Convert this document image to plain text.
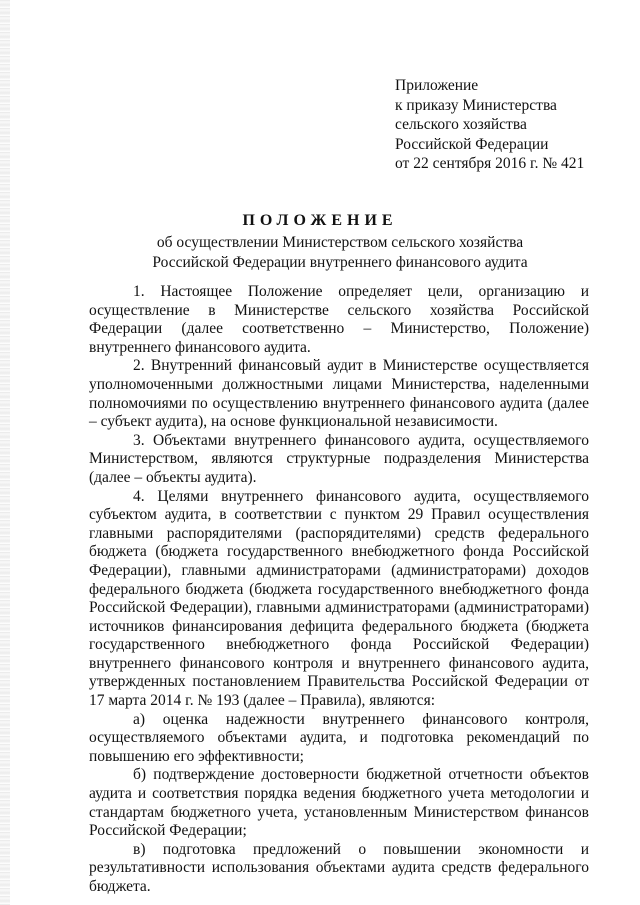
Приложение
к приказу Министерства
сельского хозяйства
Российской Федерации
от 22 сентября 2016 г. № 421
ПОЛОЖЕНИЕ
об осуществлении Министерством сельского хозяйства Российской Федерации внутреннего финансового аудита

1. Настоящее Положение определяет цели, организацию и осуществление в Министерстве сельского хозяйства Российской Федерации (далее соответственно – Министерство, Положение) внутреннего финансового аудита.

2. Внутренний финансовый аудит в Министерстве осуществляется уполномоченными должностными лицами Министерства, наделенными полномочиями по осуществлению внутреннего финансового аудита (далее – субъект аудита), на основе функциональной независимости.

3. Объектами внутреннего финансового аудита, осуществляемого Министерством, являются структурные подразделения Министерства (далее – объекты аудита).

4. Целями внутреннего финансового аудита, осуществляемого субъектом аудита, в соответствии с пунктом 29 Правил осуществления главными распорядителями (распорядителями) средств федерального бюджета (бюджета государственного внебюджетного фонда Российской Федерации), главными администраторами (администраторами) доходов федерального бюджета (бюджета государственного внебюджетного фонда Российской Федерации), главными администраторами (администраторами) источников финансирования дефицита федерального бюджета (бюджета государственного внебюджетного фонда Российской Федерации) внутреннего финансового контроля и внутреннего финансового аудита, утвержденных постановлением Правительства Российской Федерации от 17 марта 2014 г. № 193 (далее – Правила), являются:

а) оценка надежности внутреннего финансового контроля, осуществляемого объектами аудита, и подготовка рекомендаций по повышению его эффективности;

б) подтверждение достоверности бюджетной отчетности объектов аудита и соответствия порядка ведения бюджетного учета методологии и стандартам бюджетного учета, установленным Министерством финансов Российской Федерации;

в) подготовка предложений о повышении экономности и результативности использования объектами аудита средств федерального бюджета.
